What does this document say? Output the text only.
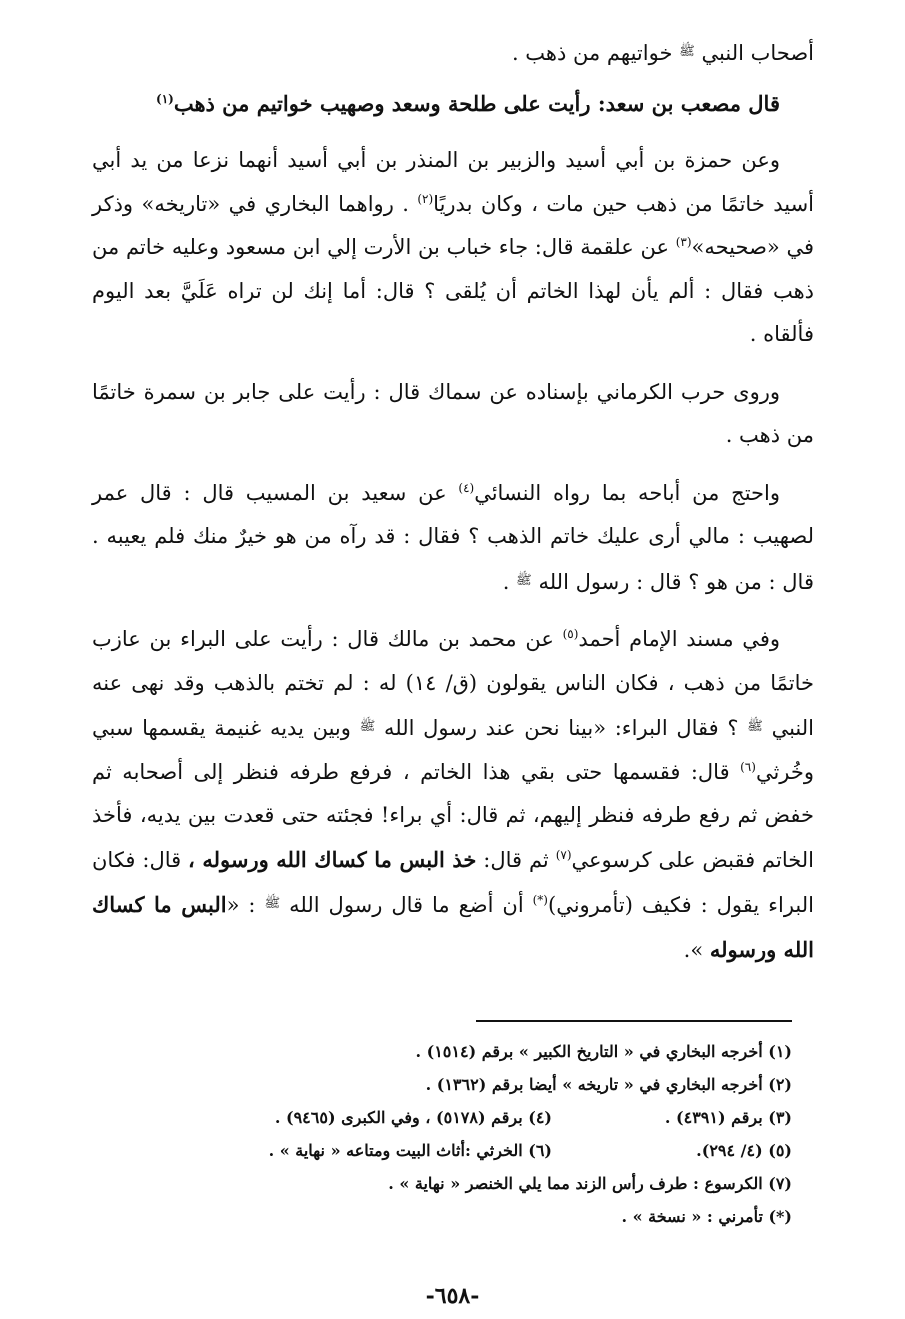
أصحاب النبي $^ﷺ$ خواتيهم من ذهب .

قال مصعب بن سعد: رأيت على طلحة وسعد وصهيب خواتيم من ذهب$^{(١)}$

وعن حمزة بن أبي أسيد والزبير بن المنذر بن أبي أسيد أنهما نزعا من يد أبي أسيد خاتمًا من ذهب حين مات ، وكان بدريًا$^{(٢)}$ . رواهما البخاري في «تاريخه» وذكر في «صحيحه»$^{(٣)}$ عن علقمة قال: جاء خباب بن الأرت إلي ابن مسعود وعليه خاتم من ذهب فقال : ألم يأن لهذا الخاتم أن يُلقى ؟ قال: أما إنك لن تراه عَلَيَّ بعد اليوم فألقاه .

وروى حرب الكرماني بإسناده عن سماك قال : رأيت على جابر بن سمرة خاتمًا من ذهب .

واحتج من أباحه بما رواه النسائي$^{(٤)}$ عن سعيد بن المسيب قال : قال عمر لصهيب : مالي أرى عليك خاتم الذهب ؟ فقال : قد رآه من هو خيرٌ منك فلم يعيبه . قال : من هو ؟ قال : رسول الله $^ﷺ$ .

وفي مسند الإمام أحمد$^{(٥)}$ عن محمد بن مالك قال : رأيت على البراء بن عازب خاتمًا من ذهب ، فكان الناس يقولون (ق/ ١٤) له : لم تختم بالذهب وقد نهى عنه النبي $^ﷺ$ ؟ فقال البراء: «بينا نحن عند رسول الله $^ﷺ$ وبين يديه غنيمة يقسمها سبي وخُرثي$^{(٦)}$ قال: فقسمها حتى بقي هذا الخاتم ، فرفع طرفه فنظر إلى أصحابه ثم خفض ثم رفع طرفه فنظر إليهم، ثم قال: أي براء! فجئته حتى قعدت بين يديه، فأخذ الخاتم فقبض على كرسوعي$^{(٧)}$ ثم قال: خذ البس ما كساك الله ورسوله ، قال: فكان البراء يقول : فكيف (تأمروني)(*) أن أضع ما قال رسول الله $^ﷺ$ : «البس ما كساك الله ورسوله ».

(١) أخرجه البخاري في « التاريخ الكبير » برقم (١٥١٤) .
(٢) أخرجه البخاري في « تاريخه » أيضا برقم (١٣٦٢) .
(٣) برقم (٤٣٩١) .
(٤) برقم (٥١٧٨) ، وفي الكبرى (٩٤٦٥) .
(٥) (٤/ ٢٩٤).
(٦) الخرثي :أثاث البيت ومتاعه « نهاية » .
(٧) الكرسوع : طرف رأس الزند مما يلي الخنصر « نهاية » .
(*) تأمرني : « نسخة » .
-٦٥٨-
